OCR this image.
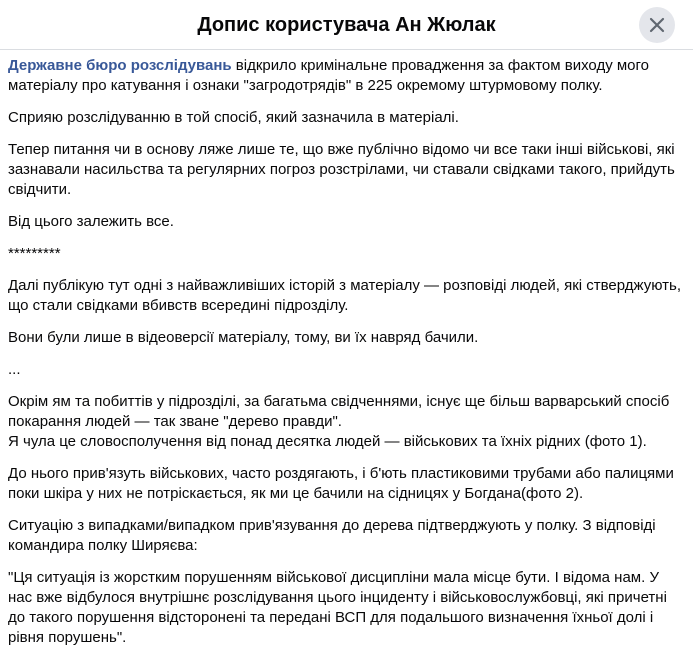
Допис користувача Ан Жюлак

Державне бюро розслідувань відкрило кримінальне провадження за фактом виходу мого матеріалу про катування і ознаки "загродотрядів" в 225 окремому штурмовому полку.

Сприяю розслідуванню в той спосіб, який зазначила в матеріалі.

Тепер питання чи в основу ляже лише те, що вже публічно відомо чи все таки інші військові, які зазнавали насильства та регулярних погроз розстрілами, чи ставали свідками такого, прийдуть свідчити.

Від цього залежить все.

*********

Далі публікую тут одні з найважливіших історій з матеріалу — розповіді людей, які стверджують, що стали свідками вбивств всередині підрозділу.

Вони були лише в відеоверсії матеріалу, тому, ви їх навряд бачили.

...

Окрім ям та побиттів у підрозділі, за багатьма свідченнями, існує ще більш варварський спосіб покарання людей — так зване "дерево правди".
Я чула це словосполучення від понад десятка людей — військових та їхніх рідних (фото 1).

До нього прив'язуть військових, часто роздягають, і б'ють пластиковими трубами або палицями поки шкіра у них не потріскається, як ми це бачили на сідницях у Богдана(фото 2).

Ситуацію з випадками/випадком прив'язування до дерева підтверджують у полку. З відповіді командира полку Ширяєва:

"Ця ситуація із жорстким порушенням військової дисципліни мала місце бути. І відома нам. У нас вже відбулося внутрішнє розслідування цього інциденту і військовослужбовці, які причетні до такого порушення відсторонені та передані ВСП для подальшого визначення їхньої долі і рівня порушень".
